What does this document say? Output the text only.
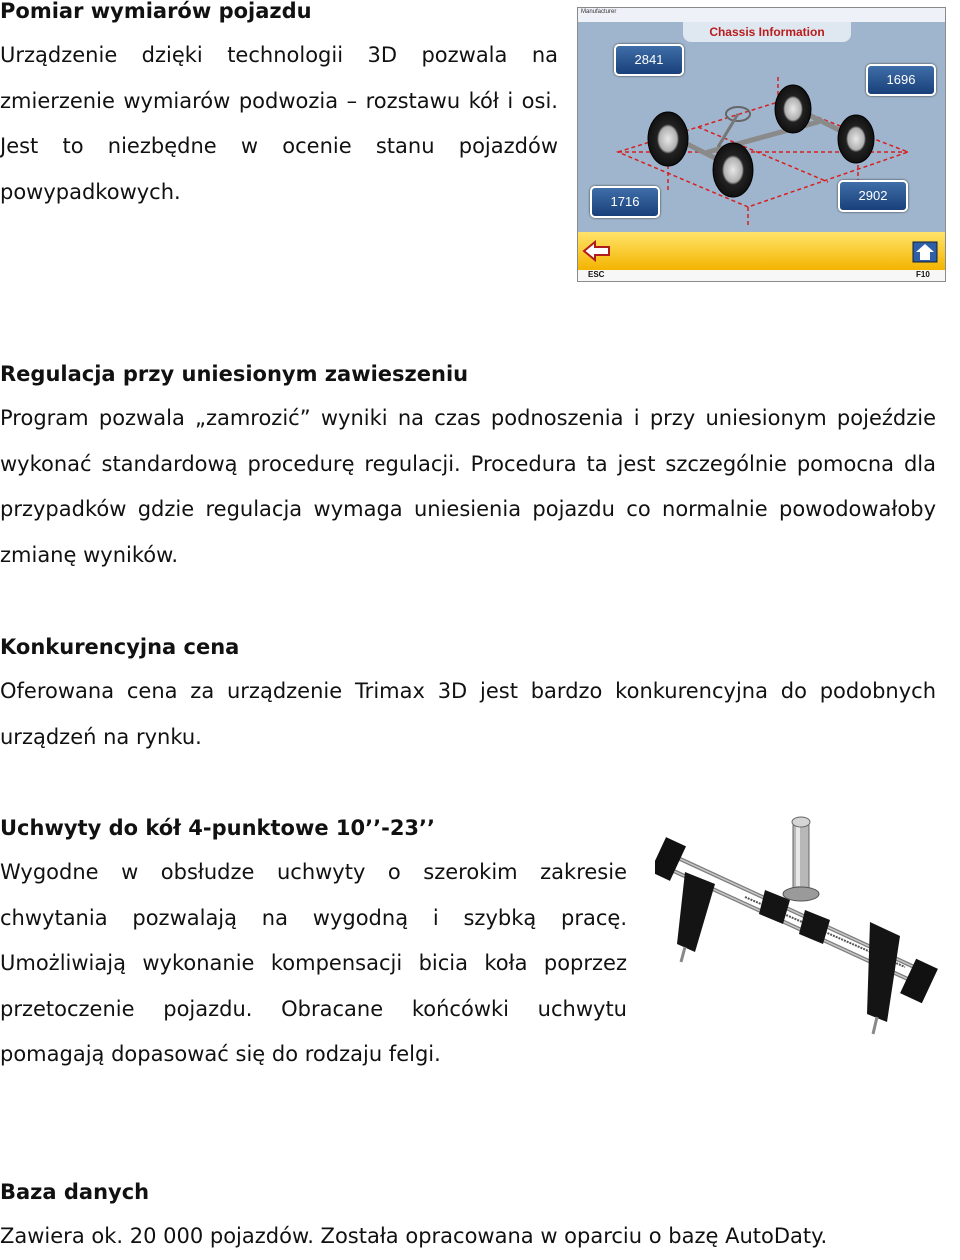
Pomiar wymiarów pojazdu

Urządzenie dzięki technologii 3D pozwala na zmierzenie wymiarów podwozia – rozstawu kół i osi. Jest to niezbędne w ocenie stanu pojazdów powypadkowych.

Manufacturer
Chassis Information
2841
1696
1716	2902
ESC	F10
Regulacja przy uniesionym zawieszeniu

Program pozwala „zamrozić” wyniki na czas podnoszenia i przy uniesionym pojeździe wykonać standardową procedurę regulacji. Procedura ta jest szczególnie pomocna dla przypadków gdzie regulacja wymaga uniesienia pojazdu co normalnie powodowałoby zmianę wyników.

Konkurencyjna cena

Oferowana cena za urządzenie Trimax 3D jest bardzo konkurencyjna do podobnych urządzeń na rynku.

Uchwyty do kół 4-punktowe 10’’-23’’

Wygodne w obsłudze uchwyty o szerokim zakresie chwytania pozwalają na wygodną i szybką pracę. Umożliwiają wykonanie kompensacji bicia koła poprzez przetoczenie pojazdu. Obracane końcówki uchwytu pomagają dopasować się do rodzaju felgi.

Baza danych

Zawiera ok. 20 000 pojazdów. Została opracowana w oparciu o bazę AutoDaty.
